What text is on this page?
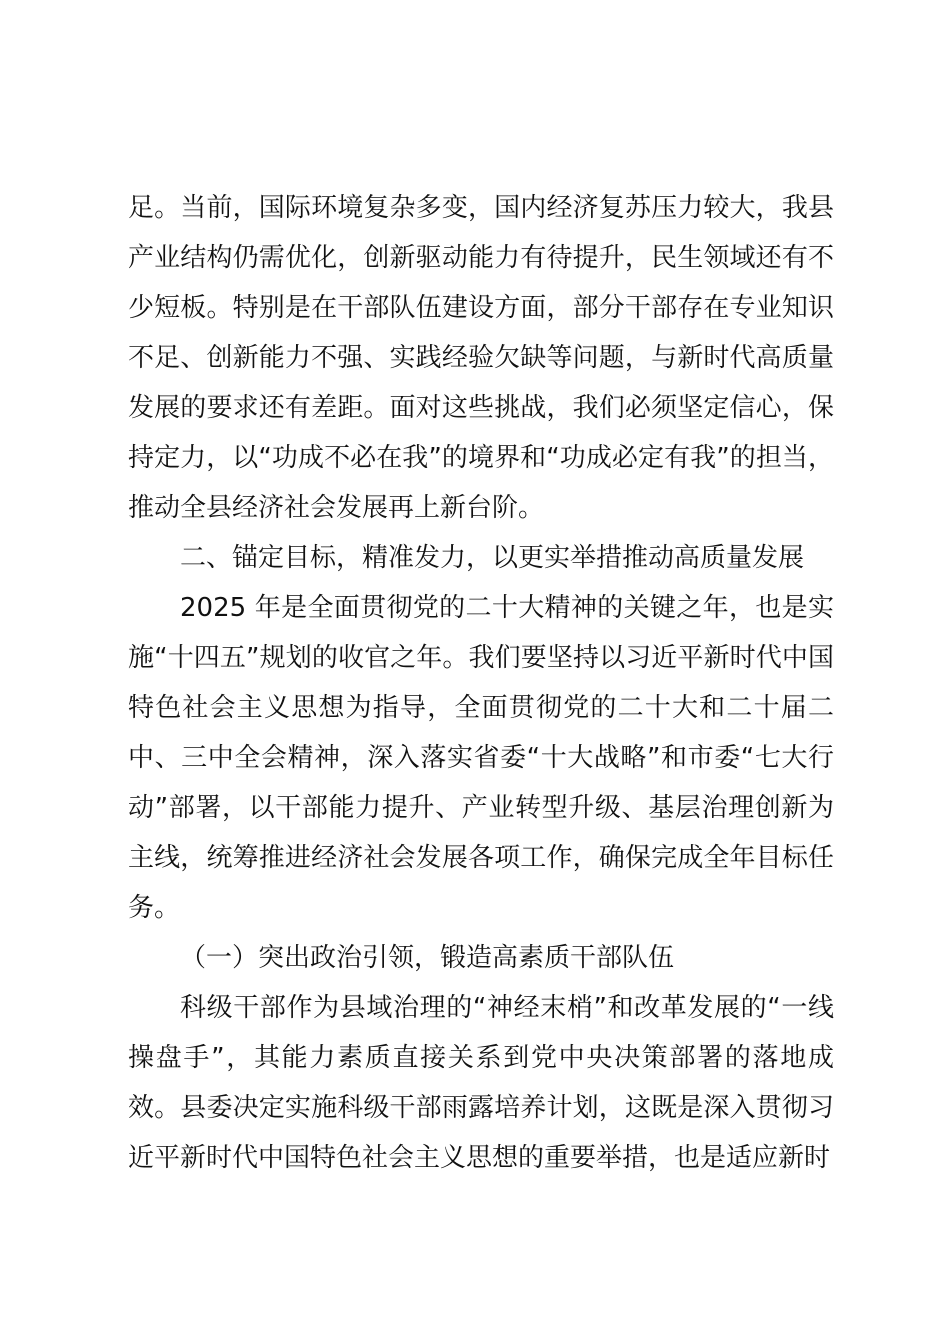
足。当前，国际环境复杂多变，国内经济复苏压力较大，我县产业结构仍需优化，创新驱动能力有待提升，民生领域还有不少短板。特别是在干部队伍建设方面，部分干部存在专业知识不足、创新能力不强、实践经验欠缺等问题，与新时代高质量发展的要求还有差距。面对这些挑战，我们必须坚定信心，保持定力，以“功成不必在我”的境界和“功成必定有我”的担当，推动全县经济社会发展再上新台阶。

二、锚定目标，精准发力，以更实举措推动高质量发展

2025 年是全面贯彻党的二十大精神的关键之年，也是实施“十四五”规划的收官之年。我们要坚持以习近平新时代中国特色社会主义思想为指导，全面贯彻党的二十大和二十届二中、三中全会精神，深入落实省委“十大战略”和市委“七大行动”部署，以干部能力提升、产业转型升级、基层治理创新为主线，统筹推进经济社会发展各项工作，确保完成全年目标任务。

（一）突出政治引领，锻造高素质干部队伍

科级干部作为县域治理的“神经末梢”和改革发展的“一线操盘手”，其能力素质直接关系到党中央决策部署的落地成效。县委决定实施科级干部雨露培养计划，这既是深入贯彻习近平新时代中国特色社会主义思想的重要举措，也是适应新时
